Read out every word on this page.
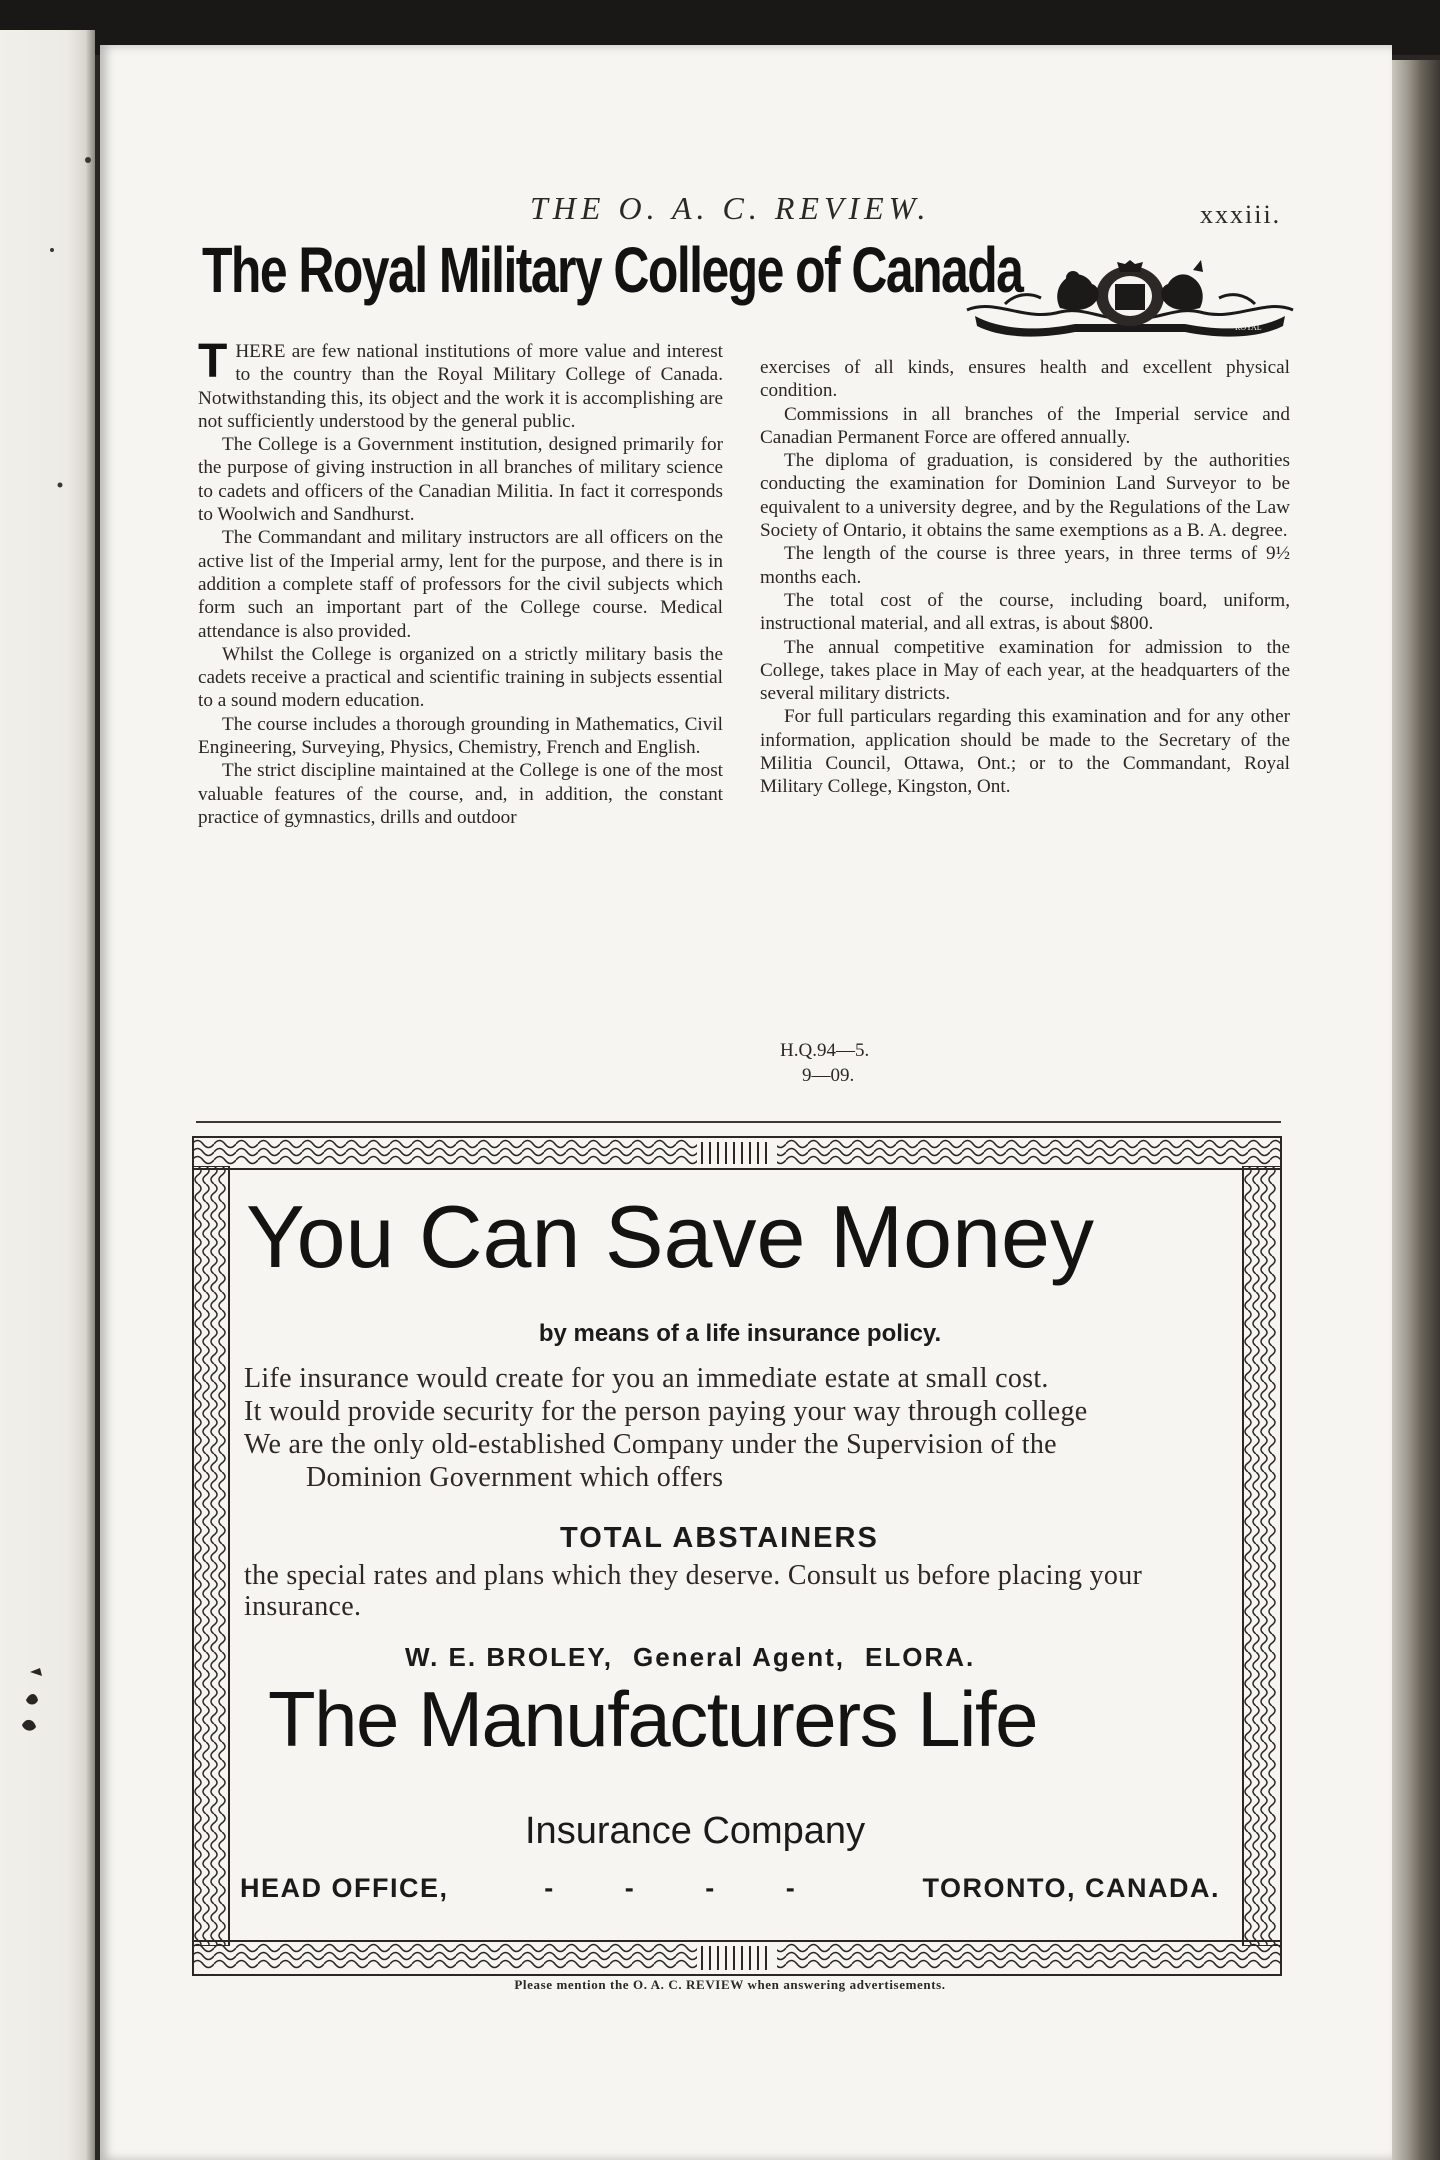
THE O. A. C. REVIEW.	xxxiii.
The Royal Military College of Canada
ROYAL

THERE are few national institutions of more value and interest to the country than the Royal Military College of Canada. Notwithstanding this, its object and the work it is accomplishing are not sufficiently understood by the general public.

The College is a Government institution, designed primarily for the purpose of giving instruction in all branches of military science to cadets and officers of the Canadian Militia. In fact it corresponds to Woolwich and Sandhurst.

The Commandant and military instructors are all officers on the active list of the Imperial army, lent for the purpose, and there is in addition a complete staff of professors for the civil subjects which form such an important part of the College course. Medical attendance is also provided.

Whilst the College is organized on a strictly military basis the cadets receive a practical and scientific training in subjects essential to a sound modern education.

The course includes a thorough grounding in Mathematics, Civil Engineering, Surveying, Physics, Chemistry, French and English.

The strict discipline maintained at the College is one of the most valuable features of the course, and, in addition, the constant practice of gymnastics, drills and outdoor

exercises of all kinds, ensures health and excellent physical condition.

Commissions in all branches of the Imperial service and Canadian Permanent Force are offered annually.

The diploma of graduation, is considered by the authorities conducting the examination for Dominion Land Surveyor to be equivalent to a university degree, and by the Regulations of the Law Society of Ontario, it obtains the same exemptions as a B. A. degree.

The length of the course is three years, in three terms of 9½ months each.

The total cost of the course, including board, uniform, instructional material, and all extras, is about $800.

The annual competitive examination for admission to the College, takes place in May of each year, at the headquarters of the several military districts.

For full particulars regarding this examination and for any other information, application should be made to the Secretary of the Militia Council, Ottawa, Ont.; or to the Commandant, Royal Military College, Kingston, Ont.

H.Q.94—5.
9—09.
You Can Save Money
by means of a life insurance policy.
Life insurance would create for you an immediate estate at small cost.
It would provide security for the person paying your way through college
We are the only old-established Company under the Supervision of the
Dominion Government which offers
TOTAL ABSTAINERS
the special rates and plans which they deserve. Consult us before placing your insurance.
W. E. BROLEY, General Agent, ELORA.
The Manufacturers Life
Insurance Company
HEAD OFFICE,	- - - -	TORONTO, CANADA.
Please mention the O. A. C. REVIEW when answering advertisements.
